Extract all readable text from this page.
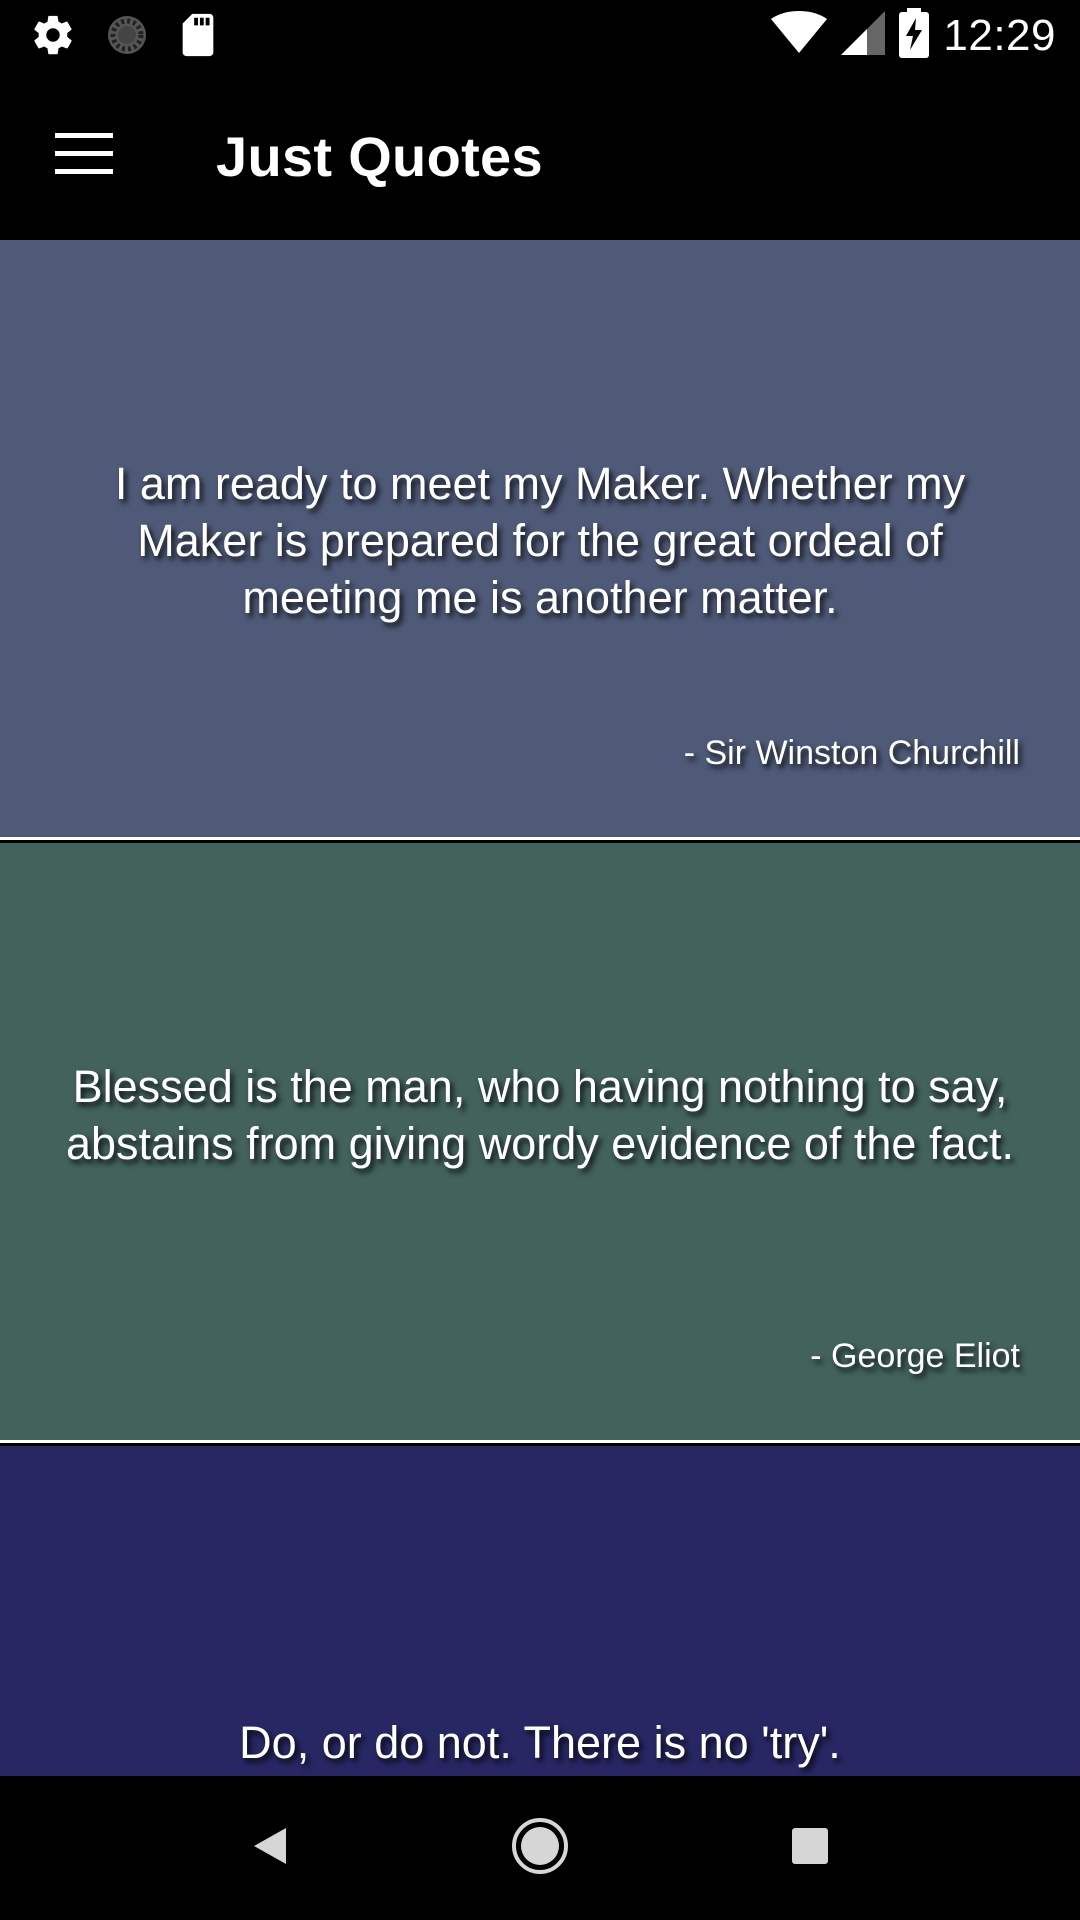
12:29
Just Quotes
I am ready to meet my Maker. Whether my Maker is prepared for the great ordeal of meeting me is another matter.
- Sir Winston Churchill
Blessed is the man, who having nothing to say, abstains from giving wordy evidence of the fact.
- George Eliot
Do, or do not. There is no 'try'.
